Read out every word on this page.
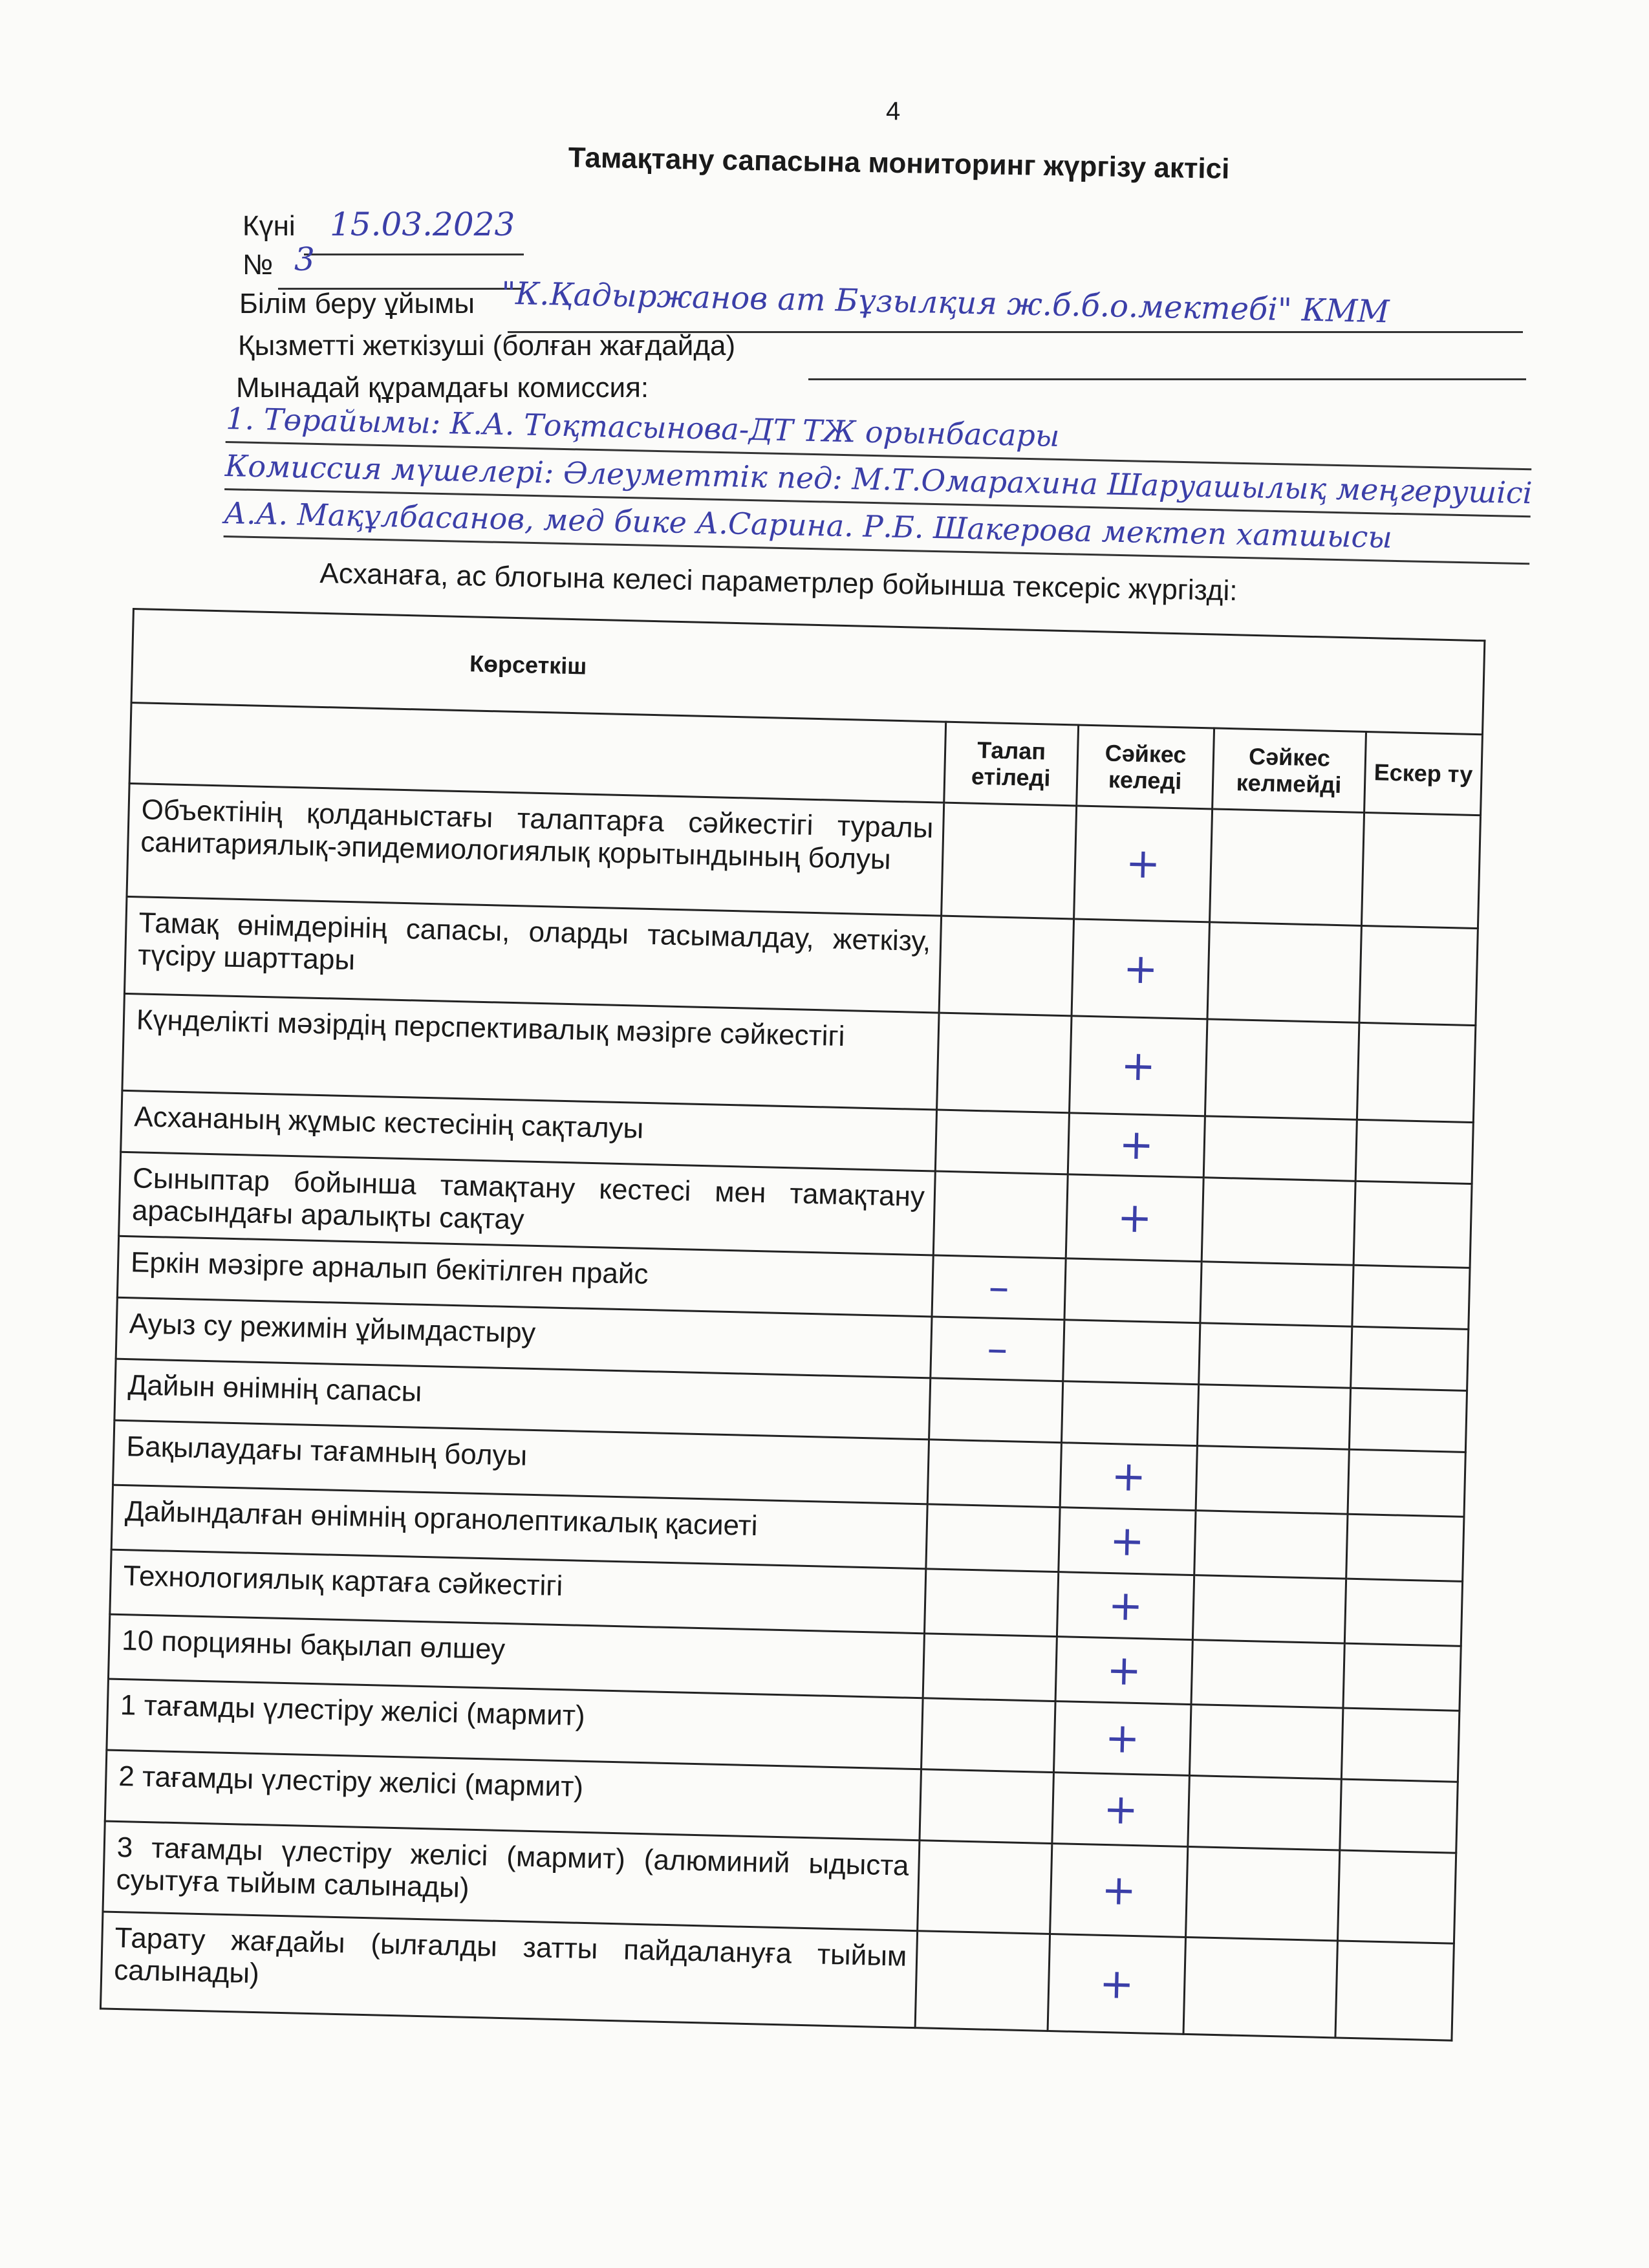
4
Тамақтану сапасына мониторинг жүргізу актісі
Күні 15.03.2023
№ 3
Білім беру ұйымы "К.Қадыржанов ат Бұзылқия ж.б.б.о.мектебі" КММ
Қызметті жеткізуші (болған жағдайда)
Мынадай құрамдағы комиссия:
1. Төрайымы: К.А. Тоқтасынова-ДТ ТЖ орынбасары
Комиссия мүшелері: Әлеуметтік пед: М.Т.Омарахина Шаруашылық меңгерушісі
А.А. Мақұлбасанов, мед бике А.Сарина. Р.Б. Шакерова мектеп хатшысы
Асханаға, ас блогына келесі параметрлер бойынша тексеріс жүргізді:
Көрсеткіш				
	Талап етіледі	Сәйкес келеді	Сәйкес келмейді	Ескер ту
Объектінің қолданыстағы талаптарға сәйкестігі туралы санитариялық-эпидемиологиялық қорытындының болуы		+		
Тамақ өнімдерінің сапасы, оларды тасымалдау, жеткізу, түсіру шарттары		+		
Күнделікті мәзірдің перспективалық мәзірге сәйкестігі		+		
Асхананың жұмыс кестесінің сақталуы		+		
Сыныптар бойынша тамақтану кестесі мен тамақтану арасындағы аралықты сақтау		+		
Еркін мәзірге арналып бекітілген прайс	–			
Ауыз су режимін ұйымдастыру	–			
Дайын өнімнің сапасы				
Бақылаудағы тағамның болуы		+		
Дайындалған өнімнің органолептикалық қасиеті		+		
Технологиялық картаға сәйкестігі		+		
10 порцияны бақылап өлшеу		+		
1 тағамды үлестіру желісі (мармит)		+		
2 тағамды үлестіру желісі (мармит)		+		
3 тағамды үлестіру желісі (мармит) (алюминий ыдыста суытуға тыйым салынады)		+		
Тарату жағдайы (ылғалды затты пайдалануға тыйым салынады)		+		
